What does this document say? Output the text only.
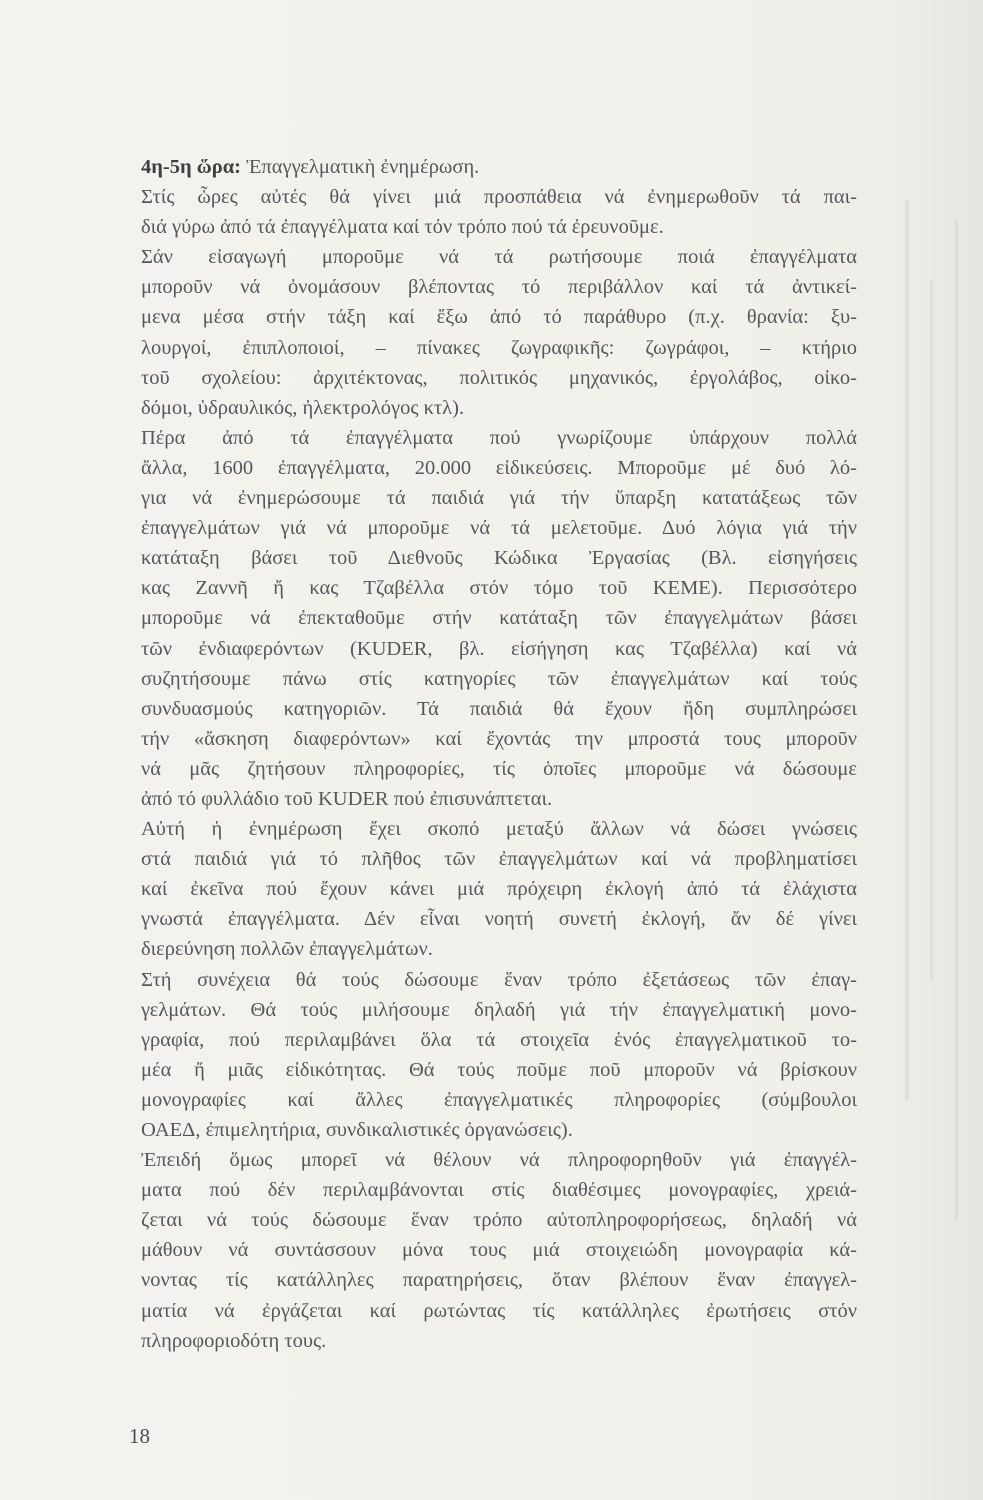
4η-5η ὥρα: Ἐπαγγελματικὴ ἐνημέρωση.
Στίς ὧρες αὐτές θά γίνει μιά προσπάθεια νά ἐνημερωθοῦν τά παι-
διά γύρω ἀπό τά ἐπαγγέλματα καί τόν τρόπο πού τά ἐρευνοῦμε.
Σάν εἰσαγωγή μποροῦμε νά τά ρωτήσουμε ποιά ἐπαγγέλματα
μποροῦν νά ὀνομάσουν βλέποντας τό περιβάλλον καί τά ἀντικεί-
μενα μέσα στήν τάξη καί ἔξω ἀπό τό παράθυρο (π.χ. θρανία: ξυ-
λουργοί, ἐπιπλοποιοί, – πίνακες ζωγραφικῆς: ζωγράφοι, – κτήριο
τοῦ σχολείου: ἀρχιτέκτονας, πολιτικός μηχανικός, ἐργολάβος, οἰκο-
δόμοι, ὑδραυλικός, ἠλεκτρολόγος κτλ).
Πέρα ἀπό τά ἐπαγγέλματα πού γνωρίζουμε ὑπάρχουν πολλά
ἄλλα, 1600 ἐπαγγέλματα, 20.000 εἰδικεύσεις. Μποροῦμε μέ δυό λό-
για νά ἐνημερώσουμε τά παιδιά γιά τήν ὕπαρξη κατατάξεως τῶν
ἐπαγγελμάτων γιά νά μποροῦμε νά τά μελετοῦμε. Δυό λόγια γιά τήν
κατάταξη βάσει τοῦ Διεθνοῦς Κώδικα Ἐργασίας (Βλ. εἰσηγήσεις
κας Ζαννῆ ἤ κας Τζαβέλλα στόν τόμο τοῦ ΚΕΜΕ). Περισσότερο
μποροῦμε νά ἐπεκταθοῦμε στήν κατάταξη τῶν ἐπαγγελμάτων βάσει
τῶν ἐνδιαφερόντων (KUDER, βλ. εἰσήγηση κας Τζαβέλλα) καί νά
συζητήσουμε πάνω στίς κατηγορίες τῶν ἐπαγγελμάτων καί τούς
συνδυασμούς κατηγοριῶν. Τά παιδιά θά ἔχουν ἤδη συμπληρώσει
τήν «ἄσκηση διαφερόντων» καί ἔχοντάς την μπροστά τους μποροῦν
νά μᾶς ζητήσουν πληροφορίες, τίς ὁποῖες μποροῦμε νά δώσουμε
ἀπό τό φυλλάδιο τοῦ KUDER πού ἐπισυνάπτεται.
Αὐτή ἡ ἐνημέρωση ἔχει σκοπό μεταξύ ἄλλων νά δώσει γνώσεις
στά παιδιά γιά τό πλῆθος τῶν ἐπαγγελμάτων καί νά προβληματίσει
καί ἐκεῖνα πού ἔχουν κάνει μιά πρόχειρη ἐκλογή ἀπό τά ἐλάχιστα
γνωστά ἐπαγγέλματα. Δέν εἶναι νοητή συνετή ἐκλογή, ἄν δέ γίνει
διερεύνηση πολλῶν ἐπαγγελμάτων.
Στή συνέχεια θά τούς δώσουμε ἕναν τρόπο ἐξετάσεως τῶν ἐπαγ-
γελμάτων. Θά τούς μιλήσουμε δηλαδή γιά τήν ἐπαγγελματική μονο-
γραφία, πού περιλαμβάνει ὅλα τά στοιχεῖα ἑνός ἐπαγγελματικοῦ το-
μέα ἤ μιᾶς εἰδικότητας. Θά τούς ποῦμε ποῦ μποροῦν νά βρίσκουν
μονογραφίες καί ἄλλες ἐπαγγελματικές πληροφορίες (σύμβουλοι
ΟΑΕΔ, ἐπιμελητήρια, συνδικαλιστικές ὀργανώσεις).
Ἐπειδή ὅμως μπορεῖ νά θέλουν νά πληροφορηθοῦν γιά ἐπαγγέλ-
ματα πού δέν περιλαμβάνονται στίς διαθέσιμες μονογραφίες, χρειά-
ζεται νά τούς δώσουμε ἕναν τρόπο αὐτοπληροφορήσεως, δηλαδή νά
μάθουν νά συντάσσουν μόνα τους μιά στοιχειώδη μονογραφία κά-
νοντας τίς κατάλληλες παρατηρήσεις, ὅταν βλέπουν ἕναν ἐπαγγελ-
ματία νά ἐργάζεται καί ρωτώντας τίς κατάλληλες ἐρωτήσεις στόν
πληροφοριοδότη τους.
18
